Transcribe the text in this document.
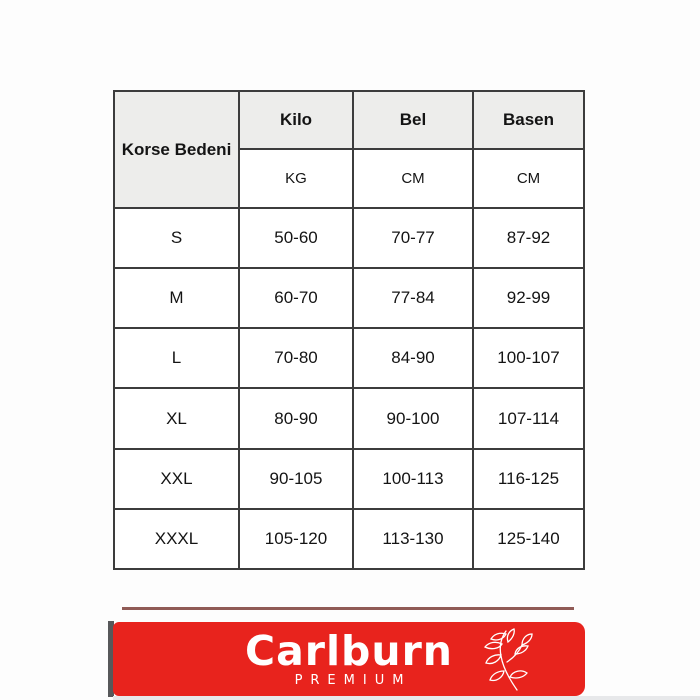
Korse Bedeni	Kilo	Bel	Basen
	KG	CM	CM
S	50-60	70-77	87-92
M	60-70	77-84	92-99
L	70-80	84-90	100-107
XL	80-90	90-100	107-114
XXL	90-105	100-113	116-125
XXXL	105-120	113-130	125-140
Carlburn
PREMIUM
